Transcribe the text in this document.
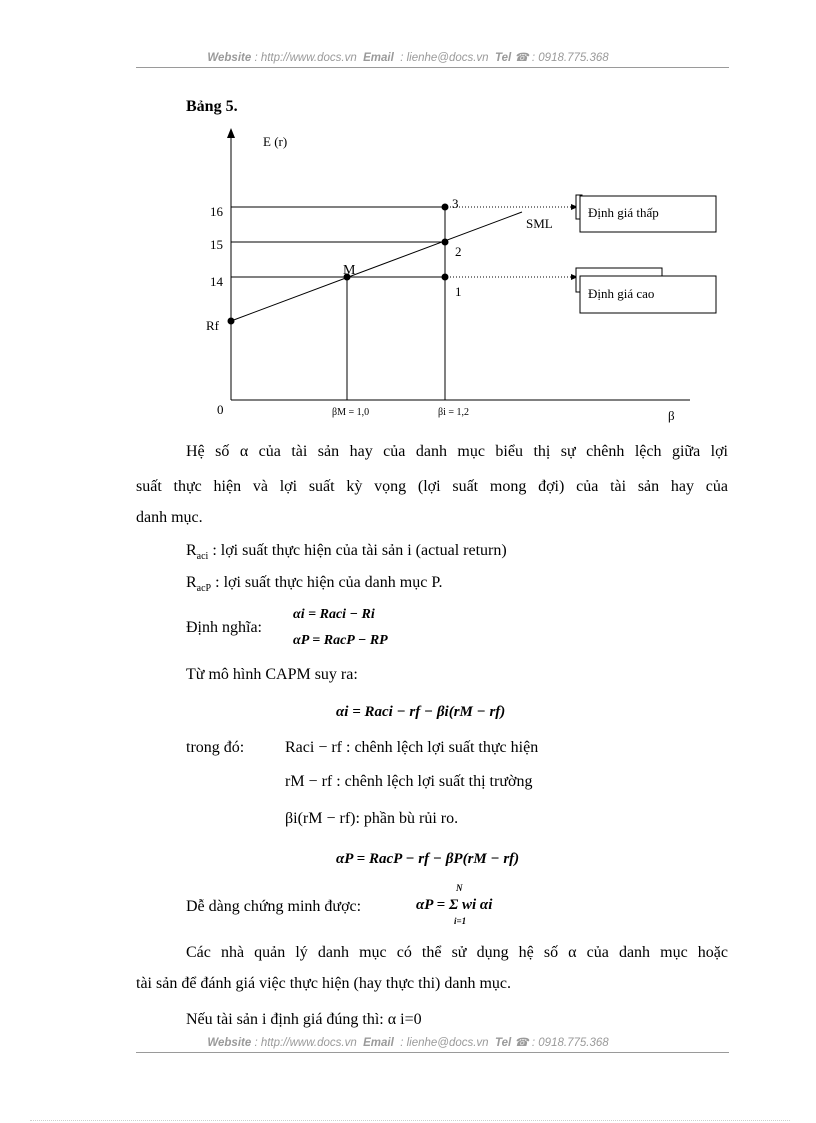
Website : http://www.docs.vn Email : lienhe@docs.vn Tel ☎ : 0918.775.368
Bảng 5.
E (r)
β
0
SML
16
15
14
Rf
βM = 1,0	βi = 1,2
M
3
2
1
Định giá thấp
Định giá cao
Hệ số α của tài sản hay của danh mục biểu thị sự chênh lệch giữa lợi
suất thực hiện và lợi suất kỳ vọng (lợi suất mong đợi) của tài sản hay của
danh mục.
$R_{aci}$ : lợi suất thực hiện của tài sản i (actual return)
$R_{acP}$ : lợi suất thực hiện của danh mục P.
Định nghĩa:
αi = Raci − Ri
αP = RacP − RP
Từ mô hình CAPM suy ra:
αi = Raci − rf − βi(rM − rf)
trong đó:	Raci − rf : chênh lệch lợi suất thực hiện
rM − rf : chênh lệch lợi suất thị trường
βi(rM − rf): phần bù rủi ro.
αP = RacP − rf − βP(rM − rf)
Dễ dàng chứng minh được:
N
αP = Σ wi αi
i=1
Các nhà quản lý danh mục có thể sử dụng hệ số α của danh mục hoặc
tài sản để đánh giá việc thực hiện (hay thực thi) danh mục.
Nếu tài sản i định giá đúng thì: α i=0
Website : http://www.docs.vn Email : lienhe@docs.vn Tel ☎ : 0918.775.368
